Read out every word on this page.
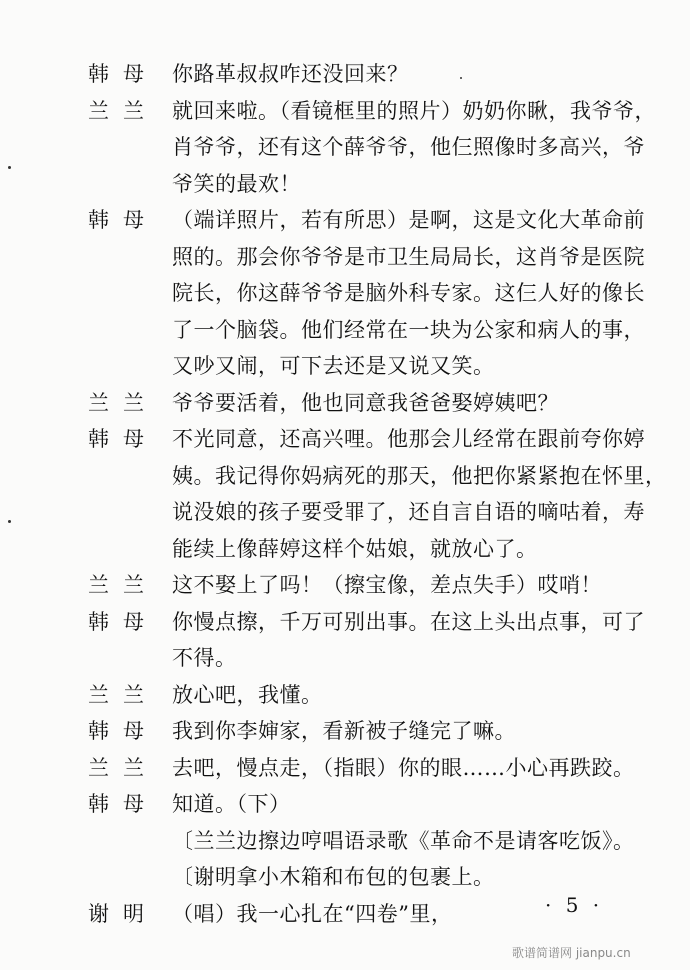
韩母 你路革叔叔咋还没回来？
兰兰 就回来啦。（看镜框里的照片）奶奶你瞅，我爷爷，
肖爷爷，还有这个薛爷爷，他仨照像时多高兴，爷
爷笑的最欢！
韩母 （端详照片，若有所思）是啊，这是文化大革命前
照的。那会你爷爷是市卫生局局长，这肖爷是医院
院长，你这薛爷爷是脑外科专家。这仨人好的像长
了一个脑袋。他们经常在一块为公家和病人的事，
又吵又闹，可下去还是又说又笑。
兰兰 爷爷要活着，他也同意我爸爸娶婷姨吧？
韩母 不光同意，还高兴哩。他那会儿经常在跟前夸你婷
姨。我记得你妈病死的那天，他把你紧紧抱在怀里，
说没娘的孩子要受罪了，还自言自语的嘀咕着，寿
能续上像薛婷这样个姑娘，就放心了。
兰兰 这不娶上了吗！（擦宝像，差点失手）哎哨！
韩母 你慢点擦，千万可别出事。在这上头出点事，可了
不得。
兰兰 放心吧，我懂。
韩母 我到你李婶家，看新被子缝完了嘛。
兰兰 去吧，慢点走，（指眼）你的眼……小心再跌跤。
韩母 知道。（下）
〔兰兰边擦边哼唱语录歌《革命不是请客吃饭》。
〔谢明拿小木箱和布包的包裹上。
谢明 （唱）我一心扎在“四卷”里，	· 5 ·
歌谱简谱网 jianpu.cn
